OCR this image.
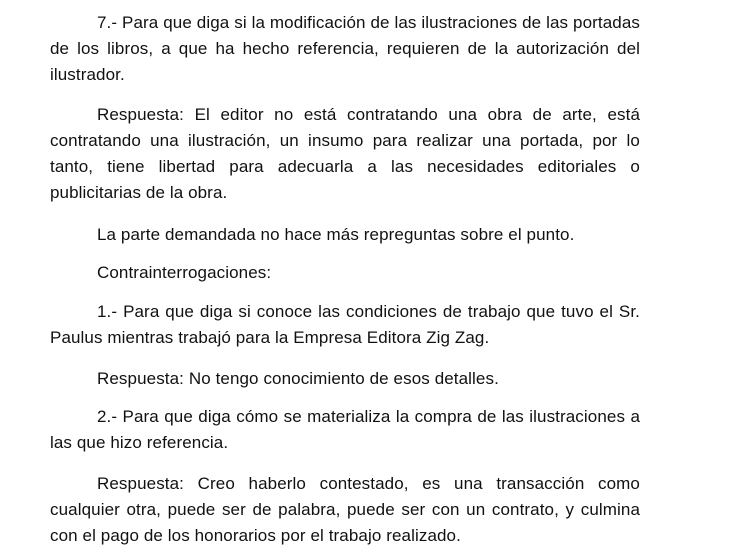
7.- Para que diga si la modificación de las ilustraciones de las portadas de los libros, a que ha hecho referencia, requieren de la autorización del ilustrador.

Respuesta: El editor no está contratando una obra de arte, está contratando una ilustración, un insumo para realizar una portada, por lo tanto, tiene libertad para adecuarla a las necesidades editoriales o publicitarias de la obra.

La parte demandada no hace más repreguntas sobre el punto.

Contrainterrogaciones:

1.- Para que diga si conoce las condiciones de trabajo que tuvo el Sr. Paulus mientras trabajó para la Empresa Editora Zig Zag.

Respuesta: No tengo conocimiento de esos detalles.

2.- Para que diga cómo se materializa la compra de las ilustraciones a las que hizo referencia.

Respuesta: Creo haberlo contestado, es una transacción como cualquier otra, puede ser de palabra, puede ser con un contrato, y culmina con el pago de los honorarios por el trabajo realizado.
